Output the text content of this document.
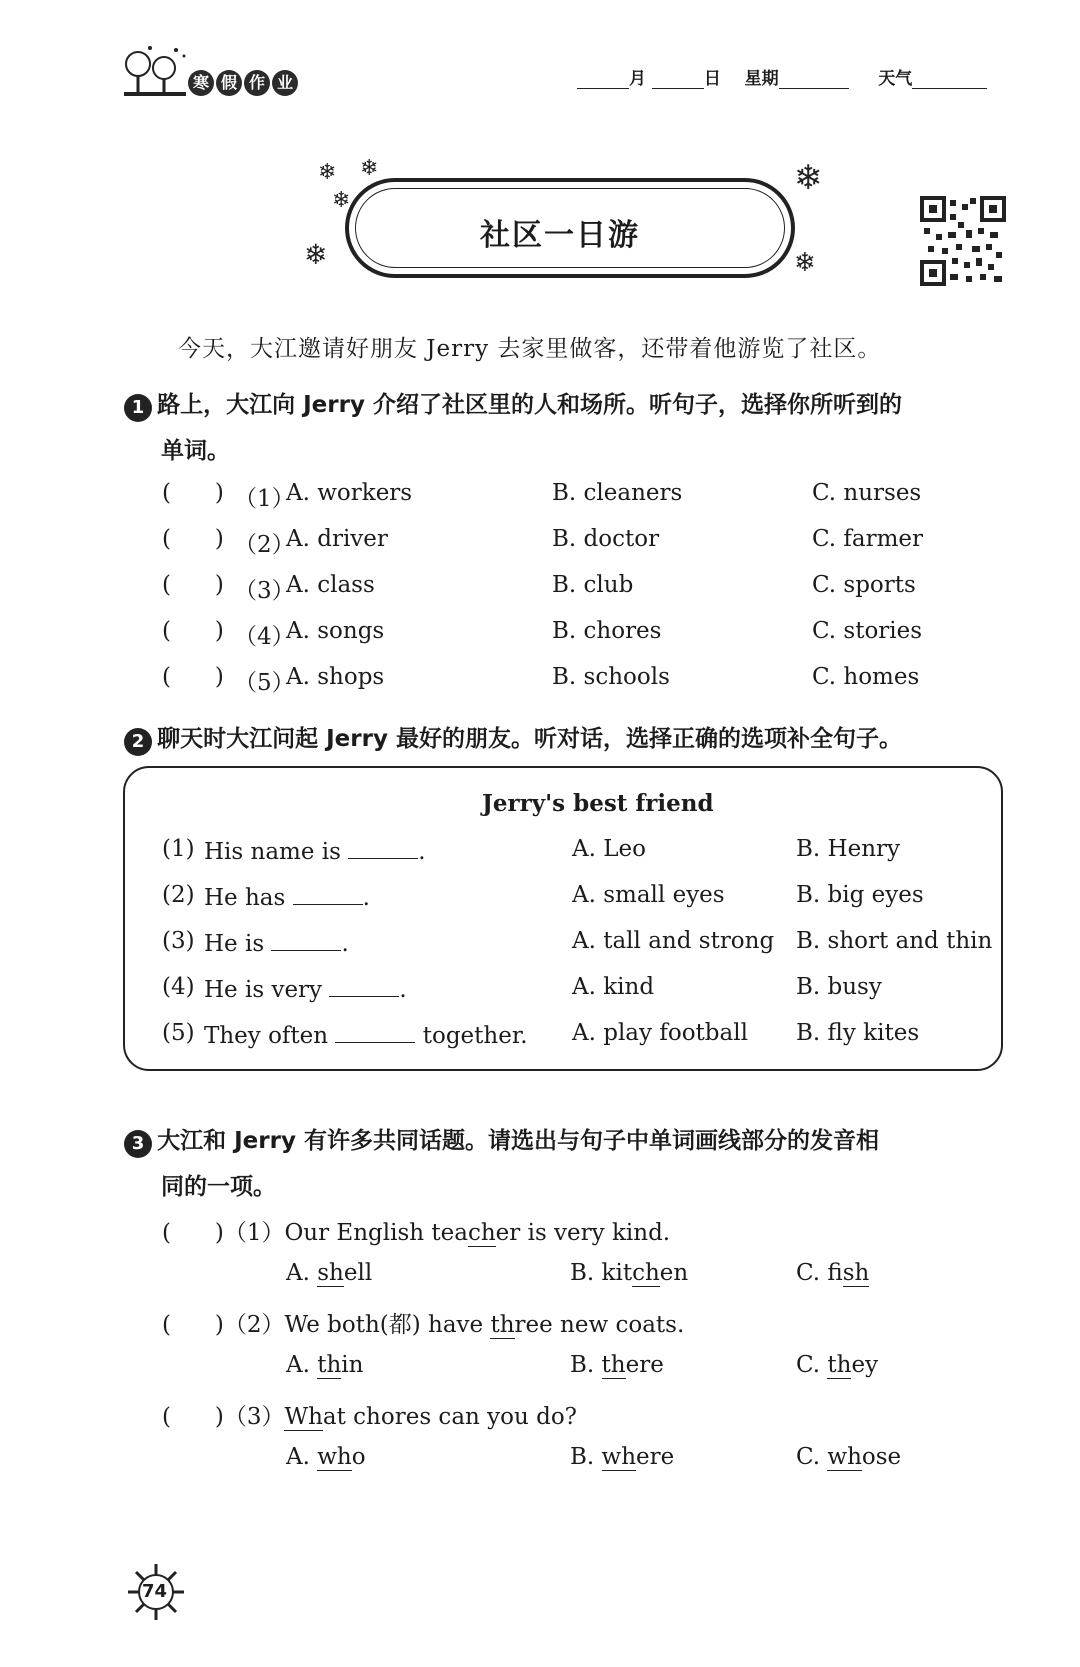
寒 假 作 业	月	日 星期	天气
❄ ❄
❄
❄
❄
❄
社区一日游
今天，大江邀请好朋友 Jerry 去家里做客，还带着他游览了社区。
1 路上，大江向 Jerry 介绍了社区里的人和场所。听句子，选择你所听到的
单词。
(      ) （1）
A. workers	B. cleaners	C. nurses
(      ) （2）
A. driver	B. doctor	C. farmer
(      ) （3）
A. class	B. club	C. sports
(      ) （4）
A. songs	B. chores	C. stories
(      ) （5）
A. shops	B. schools	C. homes
2 聊天时大江问起 Jerry 最好的朋友。听对话，选择正确的选项补全句子。
Jerry's best friend
(1) His name is	.	A. Leo	B. Henry
(2) He has	.	A. small eyes	B. big eyes
(3) He is	.	A. tall and strong B. short and thin
(4) He is very	.	A. kind	B. busy
(5) They often	together. A. play football B. fly kites
3 大江和 Jerry 有许多共同话题。请选出与句子中单词画线部分的发音相
同的一项。
(      )（1）Our English teacher is very kind.
A. shell	B. kitchen	C. fish
(      )（2）We both(都) have three new coats.
A. thin	B. there	C. they
(      )（3）What chores can you do?
A. who	B. where	C. whose
74
